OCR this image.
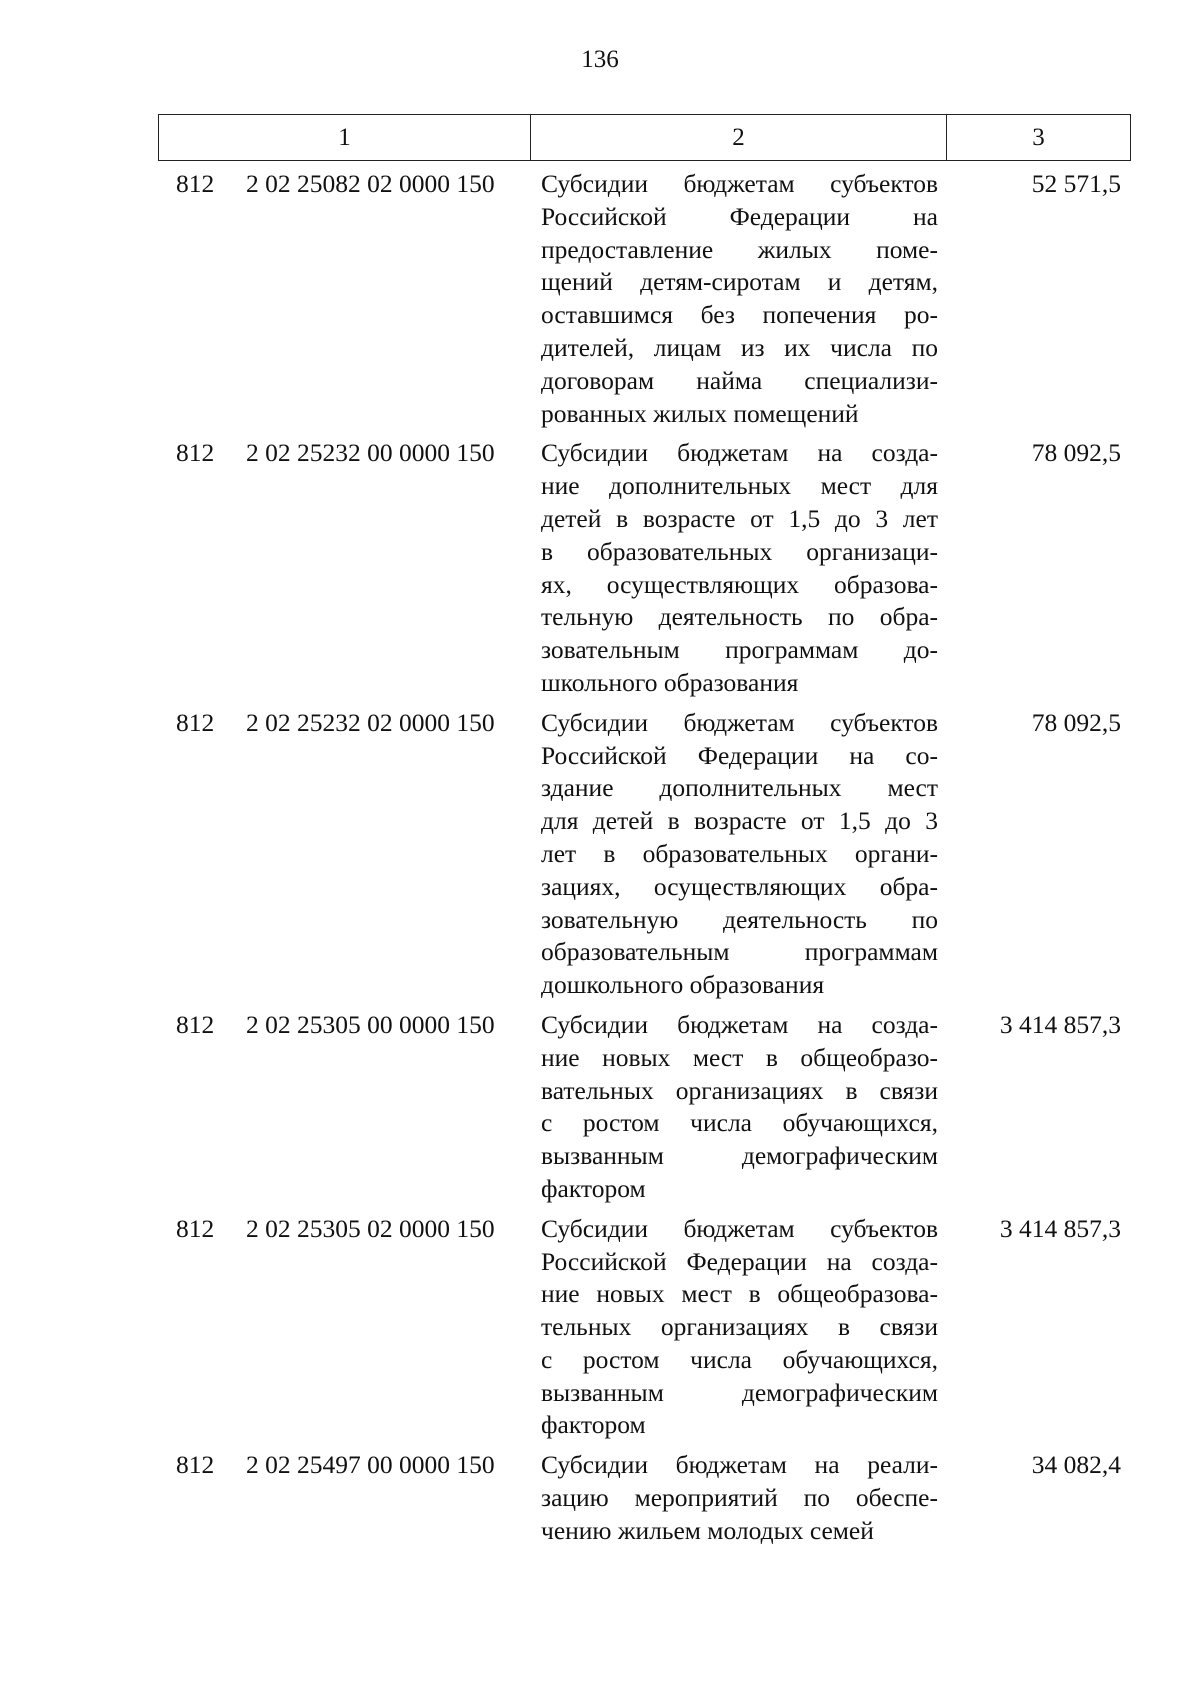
136
1	2	3
812 2 02 25082 02 0000 150 Субсидии бюджетам субъектов
Российской Федерации на
предоставление жилых поме-
щений детям-сиротам и детям,
оставшимся без попечения ро-
дителей, лицам из их числа по
договорам найма специализи-
рованных жилых помещений
52 571,5
812 2 02 25232 00 0000 150 Субсидии бюджетам на созда-
ние дополнительных мест для
детей в возрасте от 1,5 до 3 лет
в образовательных организаци-
ях, осуществляющих образова-
тельную деятельность по обра-
зовательным программам до-
школьного образования
78 092,5
812 2 02 25232 02 0000 150 Субсидии бюджетам субъектов
Российской Федерации на со-
здание дополнительных мест
для детей в возрасте от 1,5 до 3
лет в образовательных органи-
зациях, осуществляющих обра-
зовательную деятельность по
образовательным программам
дошкольного образования
78 092,5
812 2 02 25305 00 0000 150 Субсидии бюджетам на созда-
ние новых мест в общеобразо-
вательных организациях в связи
с ростом числа обучающихся,
вызванным демографическим
фактором
3 414 857,3
812 2 02 25305 02 0000 150 Субсидии бюджетам субъектов
Российской Федерации на созда-
ние новых мест в общеобразова-
тельных организациях в связи
с ростом числа обучающихся,
вызванным демографическим
фактором
3 414 857,3
812 2 02 25497 00 0000 150 Субсидии бюджетам на реали-
зацию мероприятий по обеспе-
чению жильем молодых семей
34 082,4
